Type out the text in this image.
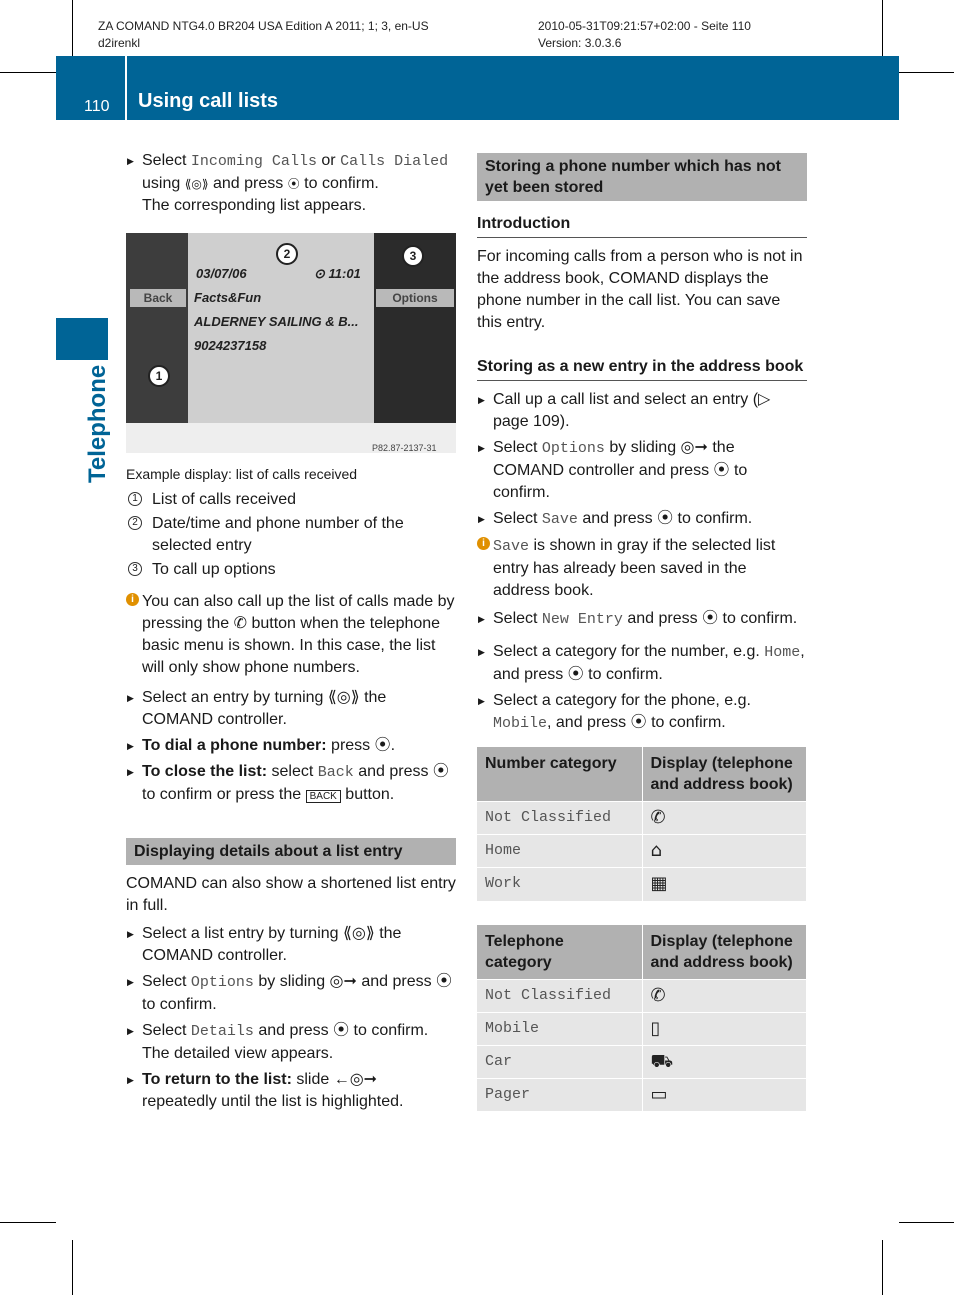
ZA COMAND NTG4.0 BR204 USA Edition A 2011; 1; 3, en-US
d2irenkl
2010-05-31T09:21:57+02:00 - Seite 110
Version: 3.0.3.6
110 Using call lists
Telephone
▶ Select Incoming Calls or Calls Dialed using ⟪◎⟫ and press ⦿ to confirm.
The corresponding list appears.
03/07/06	⊙ 11:01
Back	Options
Facts&Fun
ALDERNEY SAILING & B...
9024237158
P82.87-2137-31
2	3
1
Example display: list of calls received
1 List of calls received
2 Date/time and phone number of the selected entry
3 To call up options
i You can also call up the list of calls made by pressing the ✆ button when the telephone basic menu is shown. In this case, the list will only show phone numbers.
▶ Select an entry by turning ⟪◎⟫ the COMAND controller.
▶ To dial a phone number: press ⦿.
▶ To close the list: select Back and press ⦿ to confirm or press the BACK button.
Displaying details about a list entry
COMAND can also show a shortened list entry in full.
▶ Select a list entry by turning ⟪◎⟫ the COMAND controller.
▶ Select Options by sliding ◎➞ and press ⦿ to confirm.
▶ Select Details and press ⦿ to confirm.
The detailed view appears.
▶ To return to the list: slide ←◎➞ repeatedly until the list is highlighted.
Storing a phone number which has not yet been stored
Introduction
For incoming calls from a person who is not in the address book, COMAND displays the phone number in the call list. You can save this entry.
Storing as a new entry in the address book
▶ Call up a call list and select an entry (▷ page 109).
▶ Select Options by sliding ◎➞ the COMAND controller and press ⦿ to confirm.
▶ Select Save and press ⦿ to confirm.
i Save is shown in gray if the selected list entry has already been saved in the address book.
▶ Select New Entry and press ⦿ to confirm.
▶ Select a category for the number, e.g. Home, and press ⦿ to confirm.
▶ Select a category for the phone, e.g. Mobile, and press ⦿ to confirm.
Number category	Display (telephone and address book)
Not Classified	✆
Home	⌂
Work	▦
Telephone category	Display (telephone and address book)
Not Classified	✆
Mobile	▯
Car	⛟
Pager	▭
